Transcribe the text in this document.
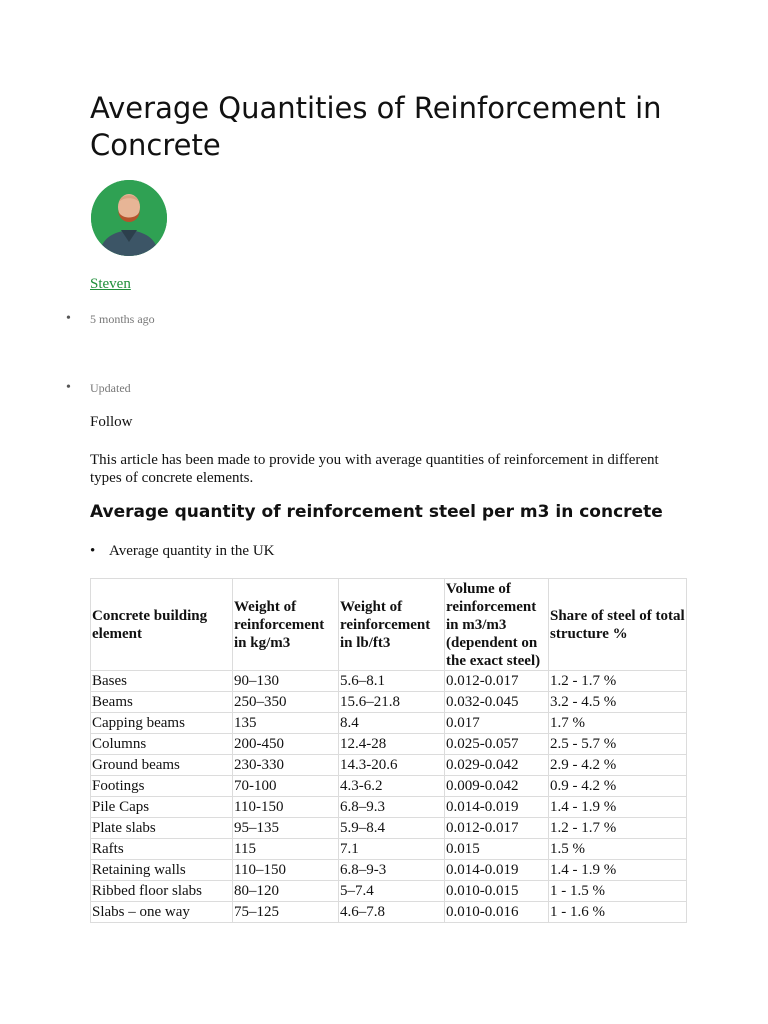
Average Quantities of Reinforcement in Concrete
Steven
• 5 months ago
• Updated
Follow

This article has been made to provide you with average quantities of reinforcement in different types of concrete elements.

Average quantity of reinforcement steel per m3 in concrete
• Average quantity in the UK
Concrete building element	Weight of reinforcement in kg/m3	Weight of reinforcement in lb/ft3	Volume of reinforcement in m3/m3 (dependent on the exact steel)	Share of steel of total structure %
Bases	90–130	5.6–8.1	0.012-0.017	1.2 - 1.7 %
Beams	250–350	15.6–21.8	0.032-0.045	3.2 - 4.5 %
Capping beams	135	8.4	0.017	1.7 %
Columns	200-450	12.4-28	0.025-0.057	2.5 - 5.7 %
Ground beams	230-330	14.3-20.6	0.029-0.042	2.9 - 4.2 %
Footings	70-100	4.3-6.2	0.009-0.042	0.9 - 4.2 %
Pile Caps	110-150	6.8–9.3	0.014-0.019	1.4 - 1.9 %
Plate slabs	95–135	5.9–8.4	0.012-0.017	1.2 - 1.7 %
Rafts	115	7.1	0.015	1.5 %
Retaining walls	110–150	6.8–9-3	0.014-0.019	1.4 - 1.9 %
Ribbed floor slabs	80–120	5–7.4	0.010-0.015	1 - 1.5 %
Slabs – one way	75–125	4.6–7.8	0.010-0.016	1 - 1.6 %
